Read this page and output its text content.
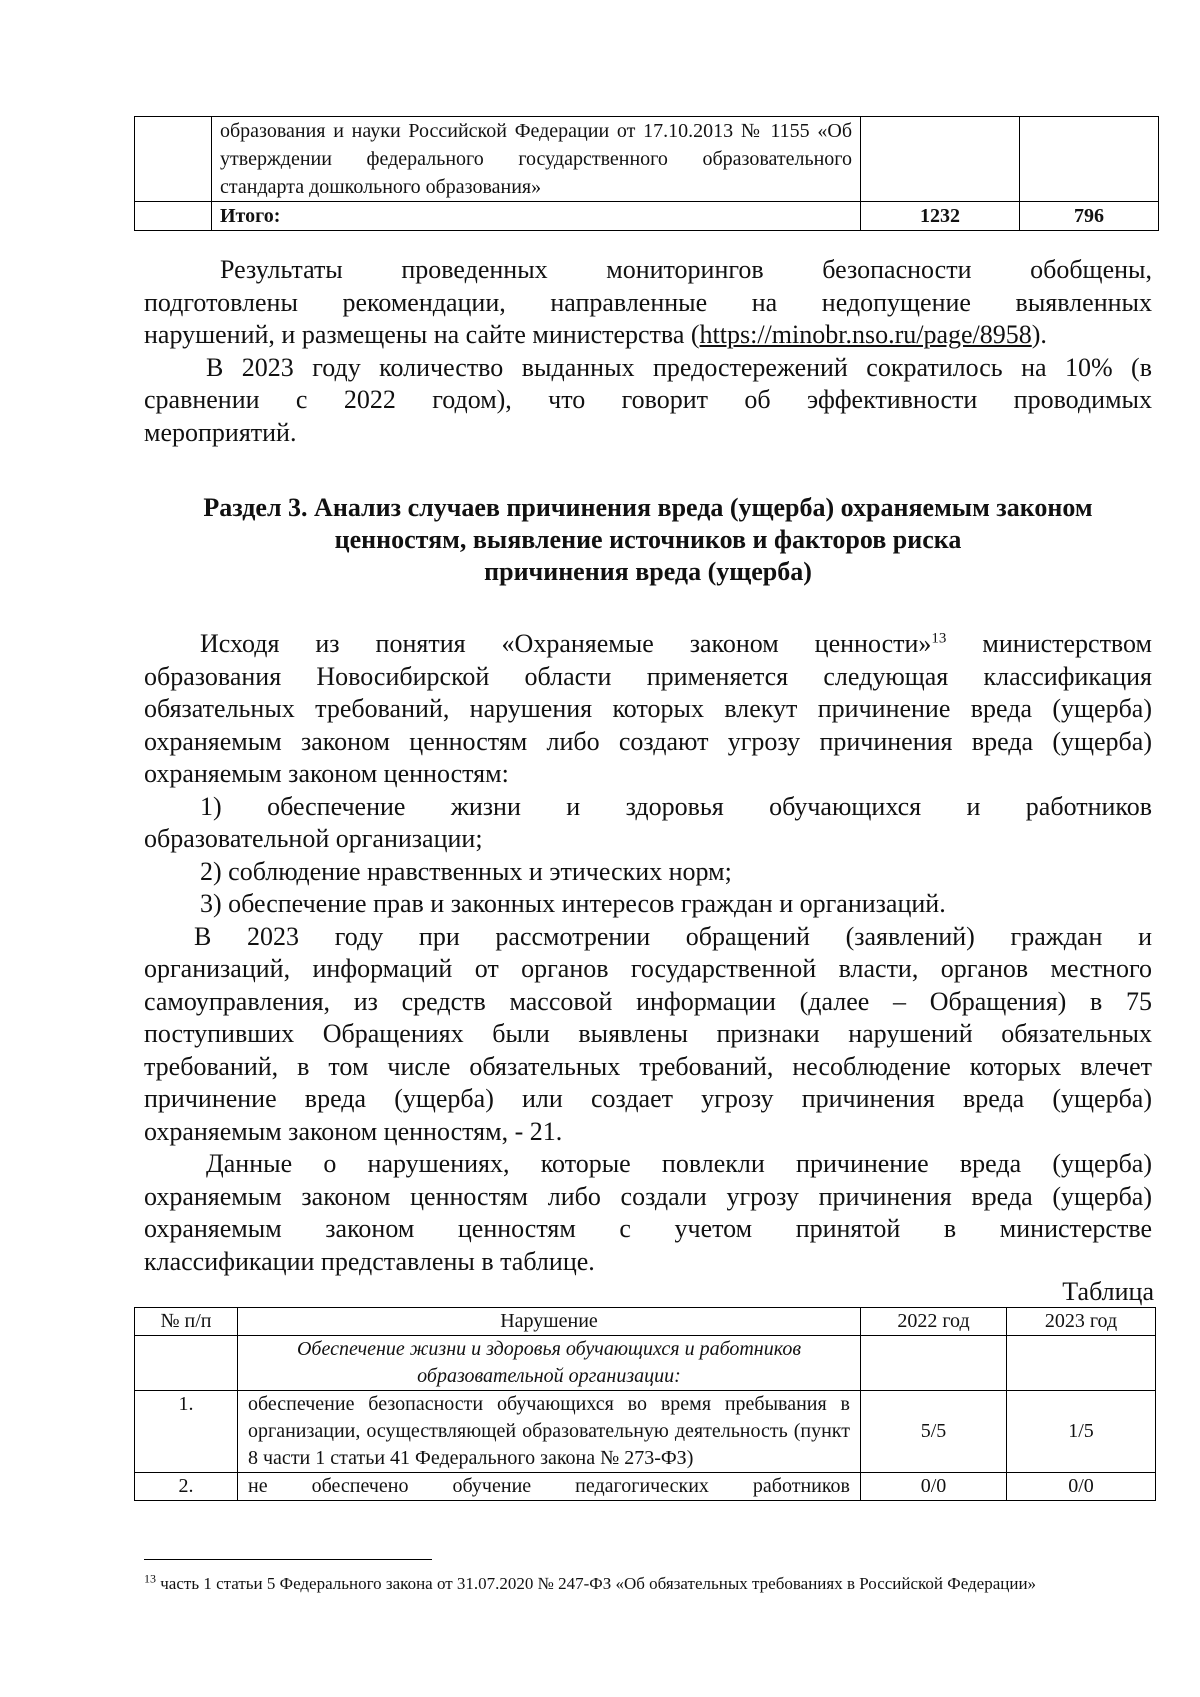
	образования и науки Российской Федерации от 17.10.2013 № 1155 «Об утверждении федерального государственного образовательного стандарта дошкольного образования»		
	Итого:	1232	796

Результаты проведенных мониторингов безопасности обобщены,

подготовлены рекомендации, направленные на недопущение выявленных

нарушений, и размещены на сайте министерства (https://minobr.nso.ru/page/8958).

В 2023 году количество выданных предостережений сократилось на 10% (в

сравнении с 2022 годом), что говорит об эффективности проводимых

мероприятий.

Раздел 3. Анализ случаев причинения вреда (ущерба) охраняемым законом
ценностям, выявление источников и факторов риска
причинения вреда (ущерба)

Исходя из понятия «Охраняемые законом ценности»$^{13}$ министерством

образования Новосибирской области применяется следующая классификация

обязательных требований, нарушения которых влекут причинение вреда (ущерба)

охраняемым законом ценностям либо создают угрозу причинения вреда (ущерба)

охраняемым законом ценностям:

1) обеспечение жизни и здоровья обучающихся и работников

образовательной организации;

2) соблюдение нравственных и этических норм;

3) обеспечение прав и законных интересов граждан и организаций.

В 2023 году при рассмотрении обращений (заявлений) граждан и

организаций, информаций от органов государственной власти, органов местного

самоуправления, из средств массовой информации (далее – Обращения) в 75

поступивших Обращениях были выявлены признаки нарушений обязательных

требований, в том числе обязательных требований, несоблюдение которых влечет

причинение вреда (ущерба) или создает угрозу причинения вреда (ущерба)

охраняемым законом ценностям, - 21.

Данные о нарушениях, которые повлекли причинение вреда (ущерба)

охраняемым законом ценностям либо создали угрозу причинения вреда (ущерба)

охраняемым законом ценностям с учетом принятой в министерстве

классификации представлены в таблице.

Таблица
№ п/п	Нарушение	2022 год	2023 год
	Обеспечение жизни и здоровья обучающихся и работников образовательной организации:		
1.	обеспечение безопасности обучающихся во время пребывания в организации, осуществляющей образовательную деятельность (пункт 8 части 1 статьи 41 Федерального закона № 273-ФЗ)	5/5	1/5
2.	не обеспечено обучение педагогических работников	0/0	0/0
$^{13}$ часть 1 статьи 5 Федерального закона от 31.07.2020 № 247-ФЗ «Об обязательных требованиях в Российской Федерации»
